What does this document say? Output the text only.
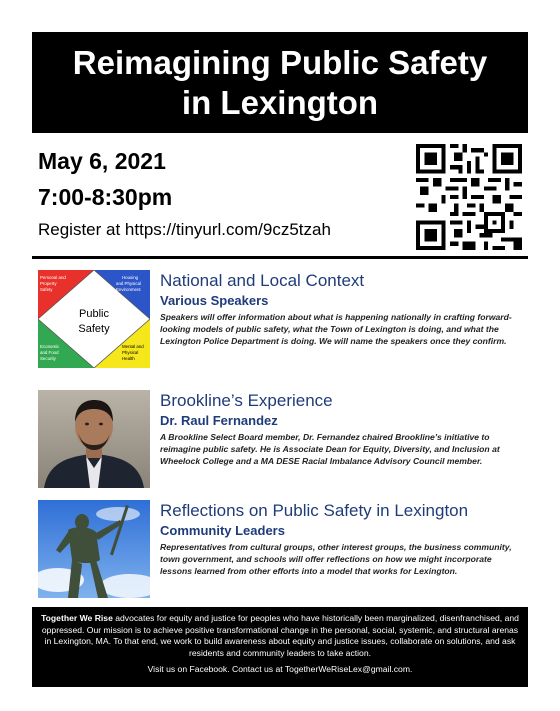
Reimagining Public Safety
in Lexington
May 6, 2021
7:00-8:30pm
Register at https://tinyurl.com/9cz5tzah
Public
Safety
Personal and Property Safety
Housing and Physical Environment
Economic and Food Security
Mental and Physical Health
National and Local Context
Various Speakers
Speakers will offer information about what is happening nationally in crafting forward-looking models of public safety, what the Town of Lexington is doing, and what the Lexington Police Department is doing. We will name the speakers once they confirm.
Brookline’s Experience
Dr. Raul Fernandez
A Brookline Select Board member, Dr. Fernandez chaired Brookline’s initiative to reimagine public safety. He is Associate Dean for Equity, Diversity, and Inclusion at Wheelock College and a MA DESE Racial Imbalance Advisory Council member.
Reflections on Public Safety in Lexington
Community Leaders
Representatives from cultural groups, other interest groups, the business community, town government, and schools will offer reflections on how we might incorporate lessons learned from other efforts into a model that works for Lexington.
Together We Rise advocates for equity and justice for peoples who have historically been marginalized, disenfranchised, and oppressed. Our mission is to achieve positive transformational change in the personal, social, systemic, and structural arenas in Lexington, MA. To that end, we work to build awareness about equity and justice issues, collaborate on solutions, and ask residents and community leaders to take action.
Visit us on Facebook. Contact us at TogetherWeRiseLex@gmail.com.
